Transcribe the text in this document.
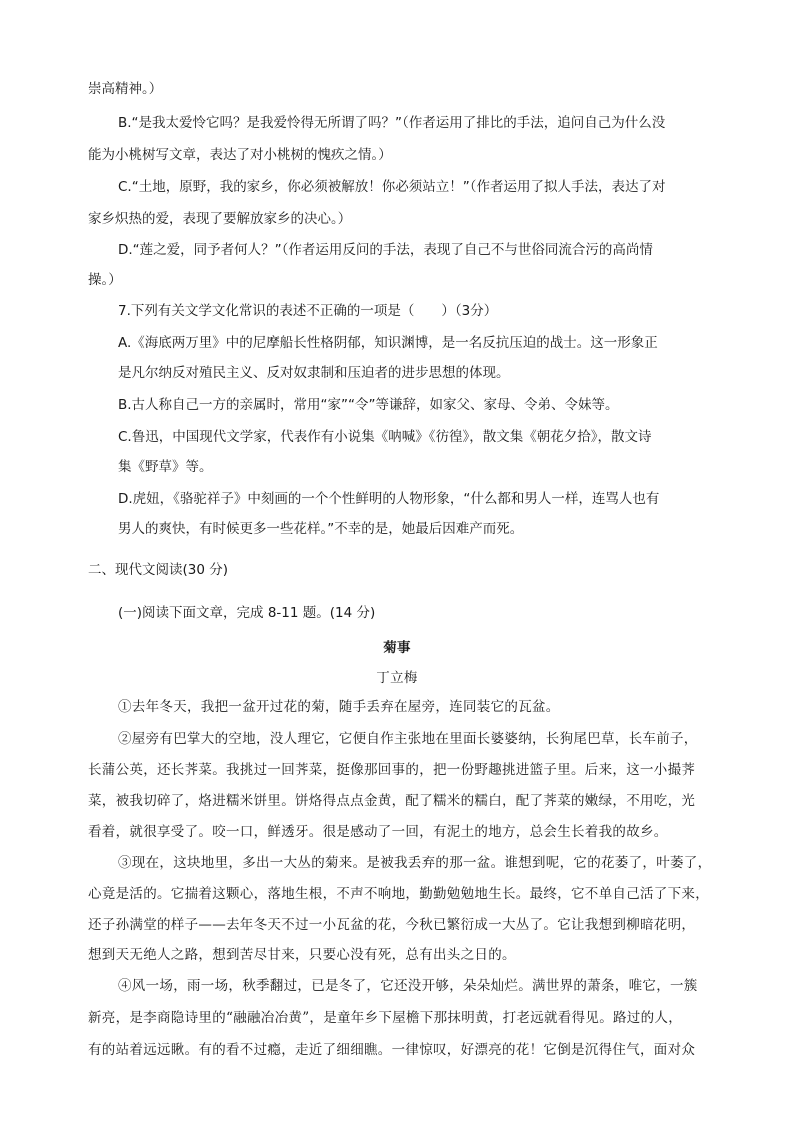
崇高精神。）
B.“是我太爱怜它吗？是我爱怜得无所谓了吗？”（作者运用了排比的手法，追问自己为什么没
能为小桃树写文章，表达了对小桃树的愧疚之情。）
C.“土地，原野，我的家乡，你必须被解放！你必须站立！”（作者运用了拟人手法，表达了对
家乡炽热的爱，表现了要解放家乡的决心。）
D.“莲之爱，同予者何人？”（作者运用反问的手法，表现了自己不与世俗同流合污的高尚情
操。）
7.下列有关文学文化常识的表述不正确的一项是（　　）（3分）
A.《海底两万里》中的尼摩船长性格阴郁，知识渊博，是一名反抗压迫的战士。这一形象正
是凡尔纳反对殖民主义、反对奴隶制和压迫者的进步思想的体现。
B.古人称自己一方的亲属时，常用“家”“令”等谦辞，如家父、家母、令弟、令妹等。
C.鲁迅，中国现代文学家，代表作有小说集《呐喊》《彷徨》，散文集《朝花夕拾》，散文诗
集《野草》等。
D.虎妞，《骆驼祥子》中刻画的一个个性鲜明的人物形象，“什么都和男人一样，连骂人也有
男人的爽快，有时候更多一些花样。”不幸的是，她最后因难产而死。
二、现代文阅读(30 分)
(一)阅读下面文章，完成 8-11 题。(14 分)
菊事
丁立梅
①去年冬天，我把一盆开过花的菊，随手丢弃在屋旁，连同装它的瓦盆。
②屋旁有巴掌大的空地，没人理它，它便自作主张地在里面长婆婆纳，长狗尾巴草，长车前子，
长蒲公英，还长荠菜。我挑过一回荠菜，挺像那回事的，把一份野趣挑进篮子里。后来，这一小撮荠
菜，被我切碎了，烙进糯米饼里。饼烙得点点金黄，配了糯米的糯白，配了荠菜的嫩绿，不用吃，光
看着，就很享受了。咬一口，鲜透牙。很是感动了一回，有泥土的地方，总会生长着我的故乡。
③现在，这块地里，多出一大丛的菊来。是被我丢弃的那一盆。谁想到呢，它的花萎了，叶萎了，
心竟是活的。它揣着这颗心，落地生根，不声不响地，勤勤勉勉地生长。最终，它不单自己活了下来，
还子孙满堂的样子——去年冬天不过一小瓦盆的花，今秋已繁衍成一大丛了。它让我想到柳暗花明，
想到天无绝人之路，想到苦尽甘来，只要心没有死，总有出头之日的。
④风一场，雨一场，秋季翻过，已是冬了，它还没开够，朵朵灿烂。满世界的萧条，唯它，一簇
新亮，是李商隐诗里的“融融冶冶黄”，是童年乡下屋檐下那抹明黄，打老远就看得见。路过的人，
有的站着远远瞅。有的看不过瘾，走近了细细瞧。一律惊叹，好漂亮的花！它倒是沉得住气，面对众
